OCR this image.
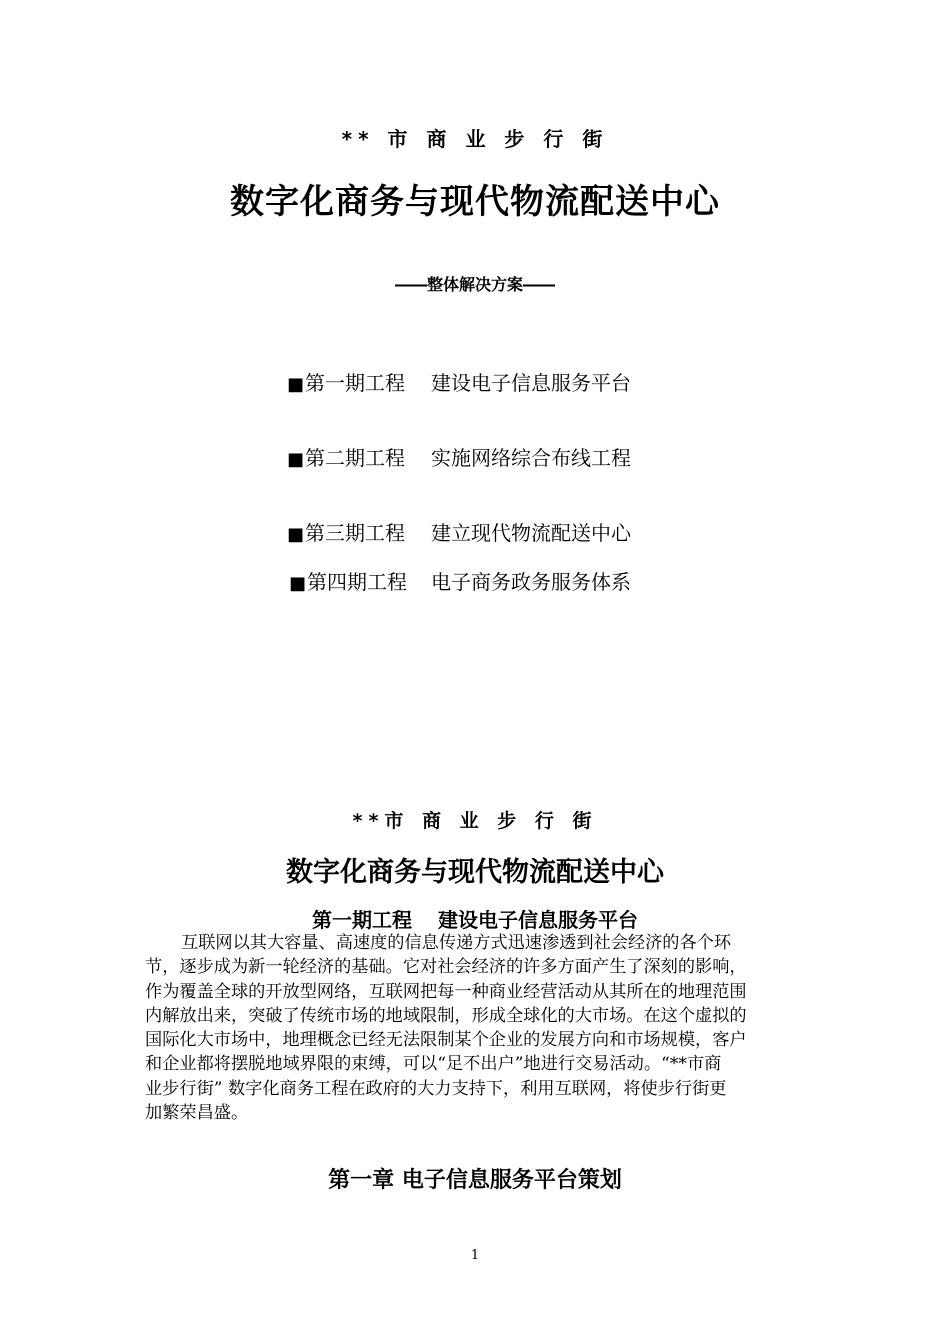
** 市 商 业 步 行 街
数字化商务与现代物流配送中心
――整体解决方案――
■第一期工程 建设电子信息服务平台
■第二期工程 实施网络综合布线工程
■第三期工程 建立现代物流配送中心
■第四期工程 电子商务政务服务体系
**市 商 业 步 行 街
数字化商务与现代物流配送中心
第一期工程 建设电子信息服务平台
互联网以其大容量、高速度的信息传递方式迅速渗透到社会经济的各个环
节，逐步成为新一轮经济的基础。它对社会经济的许多方面产生了深刻的影响，
作为覆盖全球的开放型网络，互联网把每一种商业经营活动从其所在的地理范围
内解放出来，突破了传统市场的地域限制，形成全球化的大市场。在这个虚拟的
国际化大市场中，地理概念已经无法限制某个企业的发展方向和市场规模，客户
和企业都将摆脱地域界限的束缚，可以“足不出户”地进行交易活动。“**市商
业步行街” 数字化商务工程在政府的大力支持下，利用互联网，将使步行街更
加繁荣昌盛。
第一章 电子信息服务平台策划
1
